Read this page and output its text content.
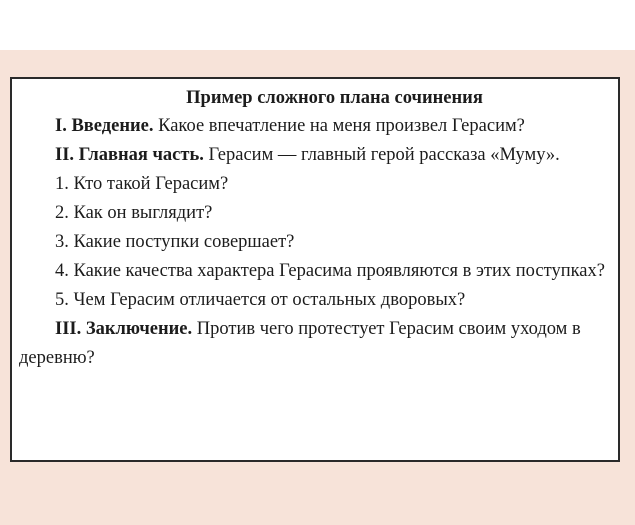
Пример сложного плана сочинения

I. Введение. Какое впечатление на меня произвел Герасим?

II. Главная часть. Герасим — главный герой рассказа «Муму».

1. Кто такой Герасим?

2. Как он выглядит?

3. Какие поступки совершает?

4. Какие качества характера Герасима проявляются в этих поступках?

5. Чем Герасим отличается от остальных дворовых?

III. Заключение. Против чего протестует Герасим своим уходом в деревню?
